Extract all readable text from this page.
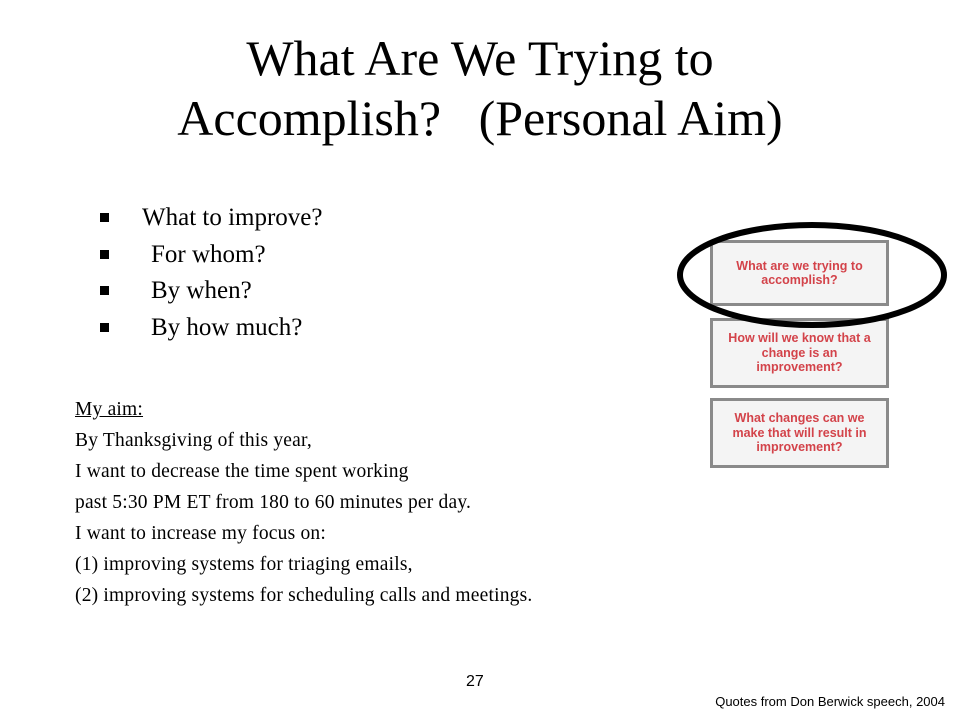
What Are We Trying to
Accomplish?   (Personal Aim)
What to improve?
For whom?
By when?
By how much?
My aim:
By Thanksgiving of this year,
I want to decrease the time spent working
past 5:30 PM ET from 180 to 60 minutes per day.
I want to increase my focus on:
(1) improving systems for triaging emails,
(2) improving systems for scheduling calls and meetings.
What are we trying to accomplish?
How will we know that a change is an improvement?
What changes can we make that will result in improvement?
27
Quotes from Don Berwick speech, 2004
